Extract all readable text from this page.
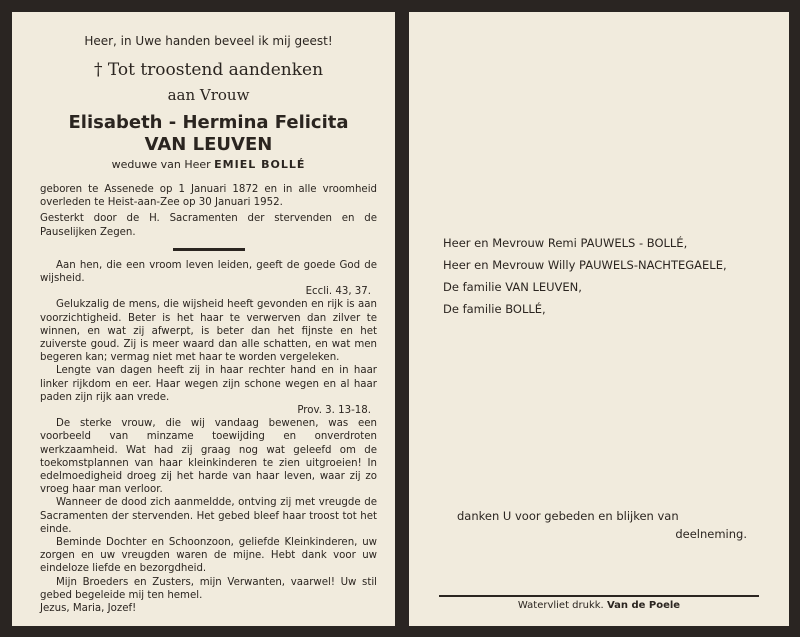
Heer, in Uwe handen beveel ik mij geest!

† Tot troostend aandenken

aan Vrouw

Elisabeth - Hermina Felicita

VAN LEUVEN

weduwe van Heer EMIEL BOLLÉ

geboren te Assenede op 1 Januari 1872 en in alle vroomheid overleden te Heist-aan-Zee op 30 Januari 1952.

Gesterkt door de H. Sacramenten der stervenden en de Pauselijken Zegen.

Aan hen, die een vroom leven leiden, geeft de goede God de wijsheid.

Eccli. 43, 37.

Gelukzalig de mens, die wijsheid heeft gevonden en rijk is aan voorzichtigheid. Beter is het haar te verwerven dan zilver te winnen, en wat zij afwerpt, is beter dan het fijnste en het zuiverste goud. Zij is meer waard dan alle schatten, en wat men begeren kan; vermag niet met haar te worden vergeleken.

Lengte van dagen heeft zij in haar rechter hand en in haar linker rijkdom en eer. Haar wegen zijn schone wegen en al haar paden zijn rijk aan vrede.

Prov. 3. 13-18.

De sterke vrouw, die wij vandaag bewenen, was een voorbeeld van minzame toewijding en onverdroten werkzaamheid. Wat had zij graag nog wat geleefd om de toekomstplannen van haar kleinkinderen te zien uitgroeien! In edelmoedigheid droeg zij het harde van haar leven, waar zij zo vroeg haar man verloor.

Wanneer de dood zich aanmeldde, ontving zij met vreugde de Sacramenten der stervenden. Het gebed bleef haar troost tot het einde.

Beminde Dochter en Schoonzoon, geliefde Kleinkinderen, uw zorgen en uw vreugden waren de mijne. Hebt dank voor uw eindeloze liefde en bezorgdheid.

Mijn Broeders en Zusters, mijn Verwanten, vaarwel! Uw stil gebed begeleide mij ten hemel.

Jezus, Maria, Jozef!

Heer en Mevrouw Remi PAUWELS - BOLLÉ,
Heer en Mevrouw Willy PAUWELS-NACHTEGAELE,
De familie VAN LEUVEN,
De familie BOLLÉ,
danken U voor gebeden en blijken van
deelneming.
Watervliet drukk. Van de Poele
